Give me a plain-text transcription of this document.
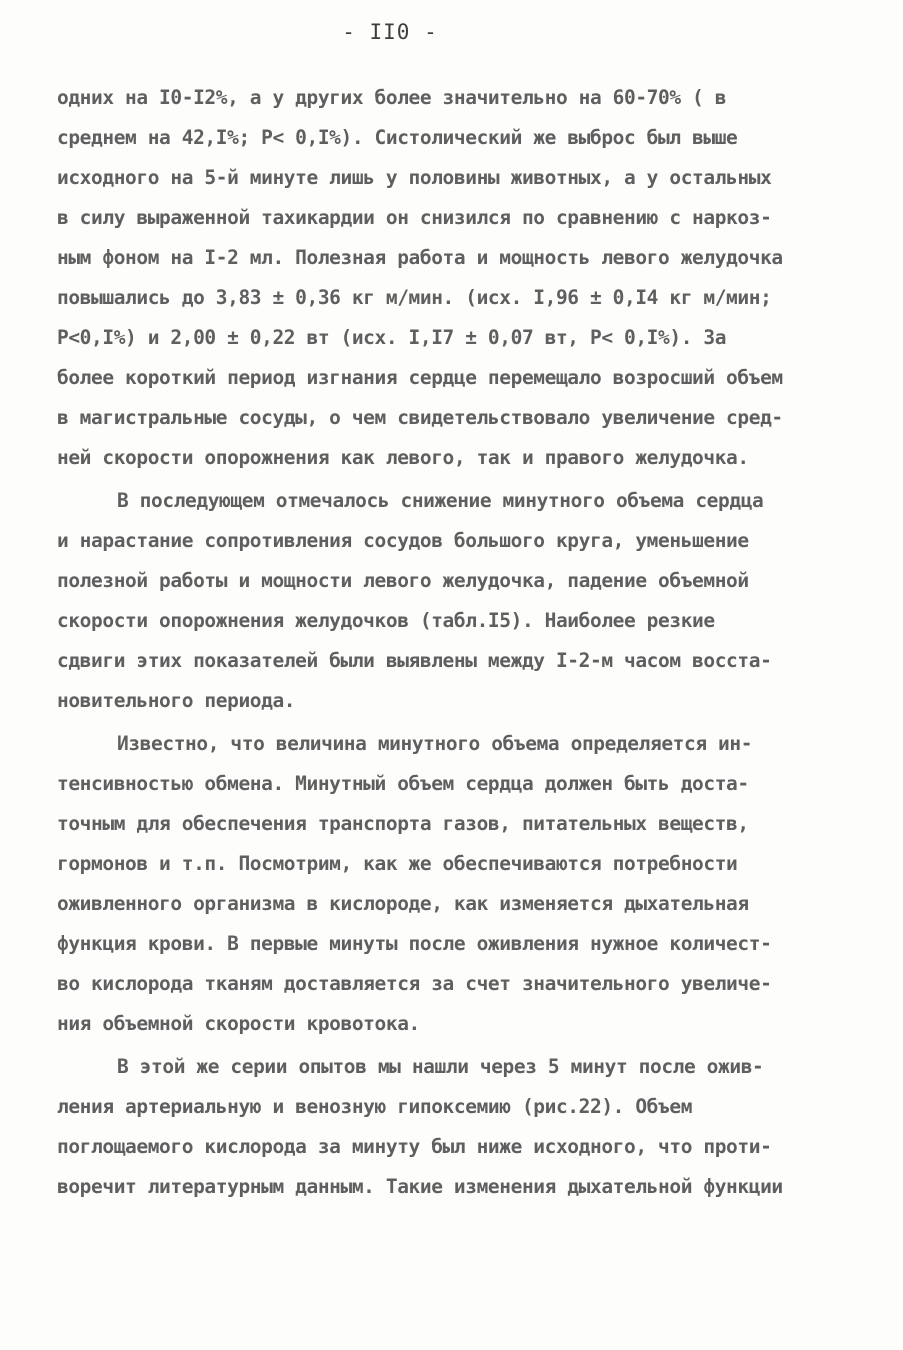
- II0 -
одних на I0-I2%, а у других более значительно на 60-70% ( в
среднем на 42,I%; P< 0,I%). Систолический же выброс был выше
исходного на 5-й минуте лишь у половины животных, а у остальных
в силу выраженной тахикардии он снизился по сравнению с наркоз-
ным фоном на I-2 мл. Полезная работа и мощность левого желудочка
повышались до 3,83 ± 0,36 кг м/мин. (исх. I,96 ± 0,I4 кг м/мин;
P<0,I%) и 2,00 ± 0,22 вт (исх. I,I7 ± 0,07 вт, P< 0,I%). За
более короткий период изгнания сердце перемещало возросший объем
в магистральные сосуды, о чем свидетельствовало увеличение сред-
ней скорости опорожнения как левого, так и правого желудочка.
В последующем отмечалось снижение минутного объема сердца
и нарастание сопротивления сосудов большого круга, уменьшение
полезной работы и мощности левого желудочка, падение объемной
скорости опорожнения желудочков (табл.I5). Наиболее резкие
сдвиги этих показателей были выявлены между I-2-м часом восста-
новительного периода.
Известно, что величина минутного объема определяется ин-
тенсивностью обмена. Минутный объем сердца должен быть доста-
точным для обеспечения транспорта газов, питательных веществ,
гормонов и т.п. Посмотрим, как же обеспечиваются потребности
оживленного организма в кислороде, как изменяется дыхательная
функция крови. В первые минуты после оживления нужное количест-
во кислорода тканям доставляется за счет значительного увеличе-
ния объемной скорости кровотока.
В этой же серии опытов мы нашли через 5 минут после ожив-
ления артериальную и венозную гипоксемию (рис.22). Объем
поглощаемого кислорода за минуту был ниже исходного, что проти-
воречит литературным данным. Такие изменения дыхательной функции
